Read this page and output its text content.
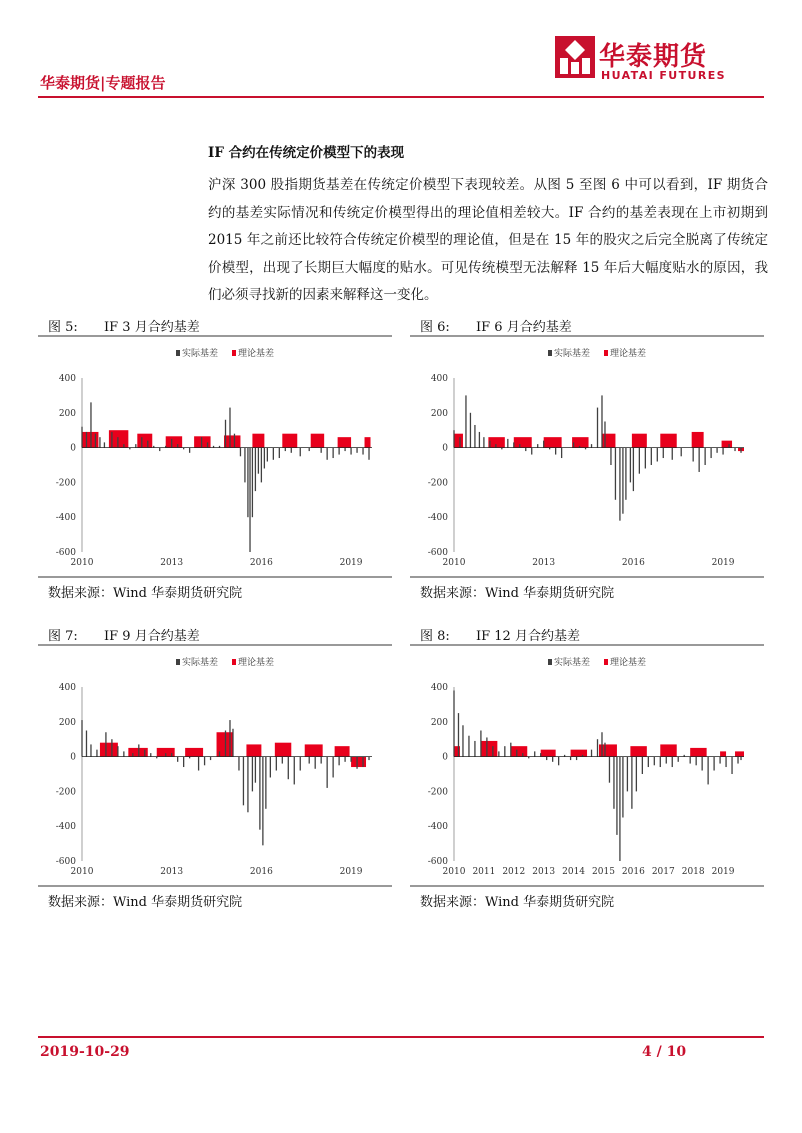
华泰期货
HUATAI FUTURES
华泰期货|专题报告
IF 合约在传统定价模型下的表现
沪深 300 股指期货基差在传统定价模型下表现较差。从图 5 至图 6 中可以看到，IF 期货合约的基差实际情况和传统定价模型得出的理论值相差较大。IF 合约的基差表现在上市初期到 2015 年之前还比较符合传统定价模型的理论值，但是在 15 年的股灾之后完全脱离了传统定价模型，出现了长期巨大幅度的贴水。可见传统模型无法解释 15 年后大幅度贴水的原因，我们必须寻找新的因素来解释这一变化。
图 5: IF 3 月合约基差
实际基差 理论基差
400
200
0
-200
-400
-600
2010	2013	2016	2019
数据来源：Wind 华泰期货研究院
图 6: IF 6 月合约基差
实际基差 理论基差
400
200
0
-200
-400
-600
2010	2013	2016	2019
数据来源：Wind 华泰期货研究院
图 7: IF 9 月合约基差
实际基差 理论基差
400
200
0
-200
-400
-600
2010	2013	2016	2019
数据来源：Wind 华泰期货研究院
图 8: IF 12 月合约基差
实际基差 理论基差
400
200
0
-200
-400
-600
2010 2011 2012 2013 2014 2015 2016 2017 2018 2019
数据来源：Wind 华泰期货研究院
2019-10-29	4 / 10
